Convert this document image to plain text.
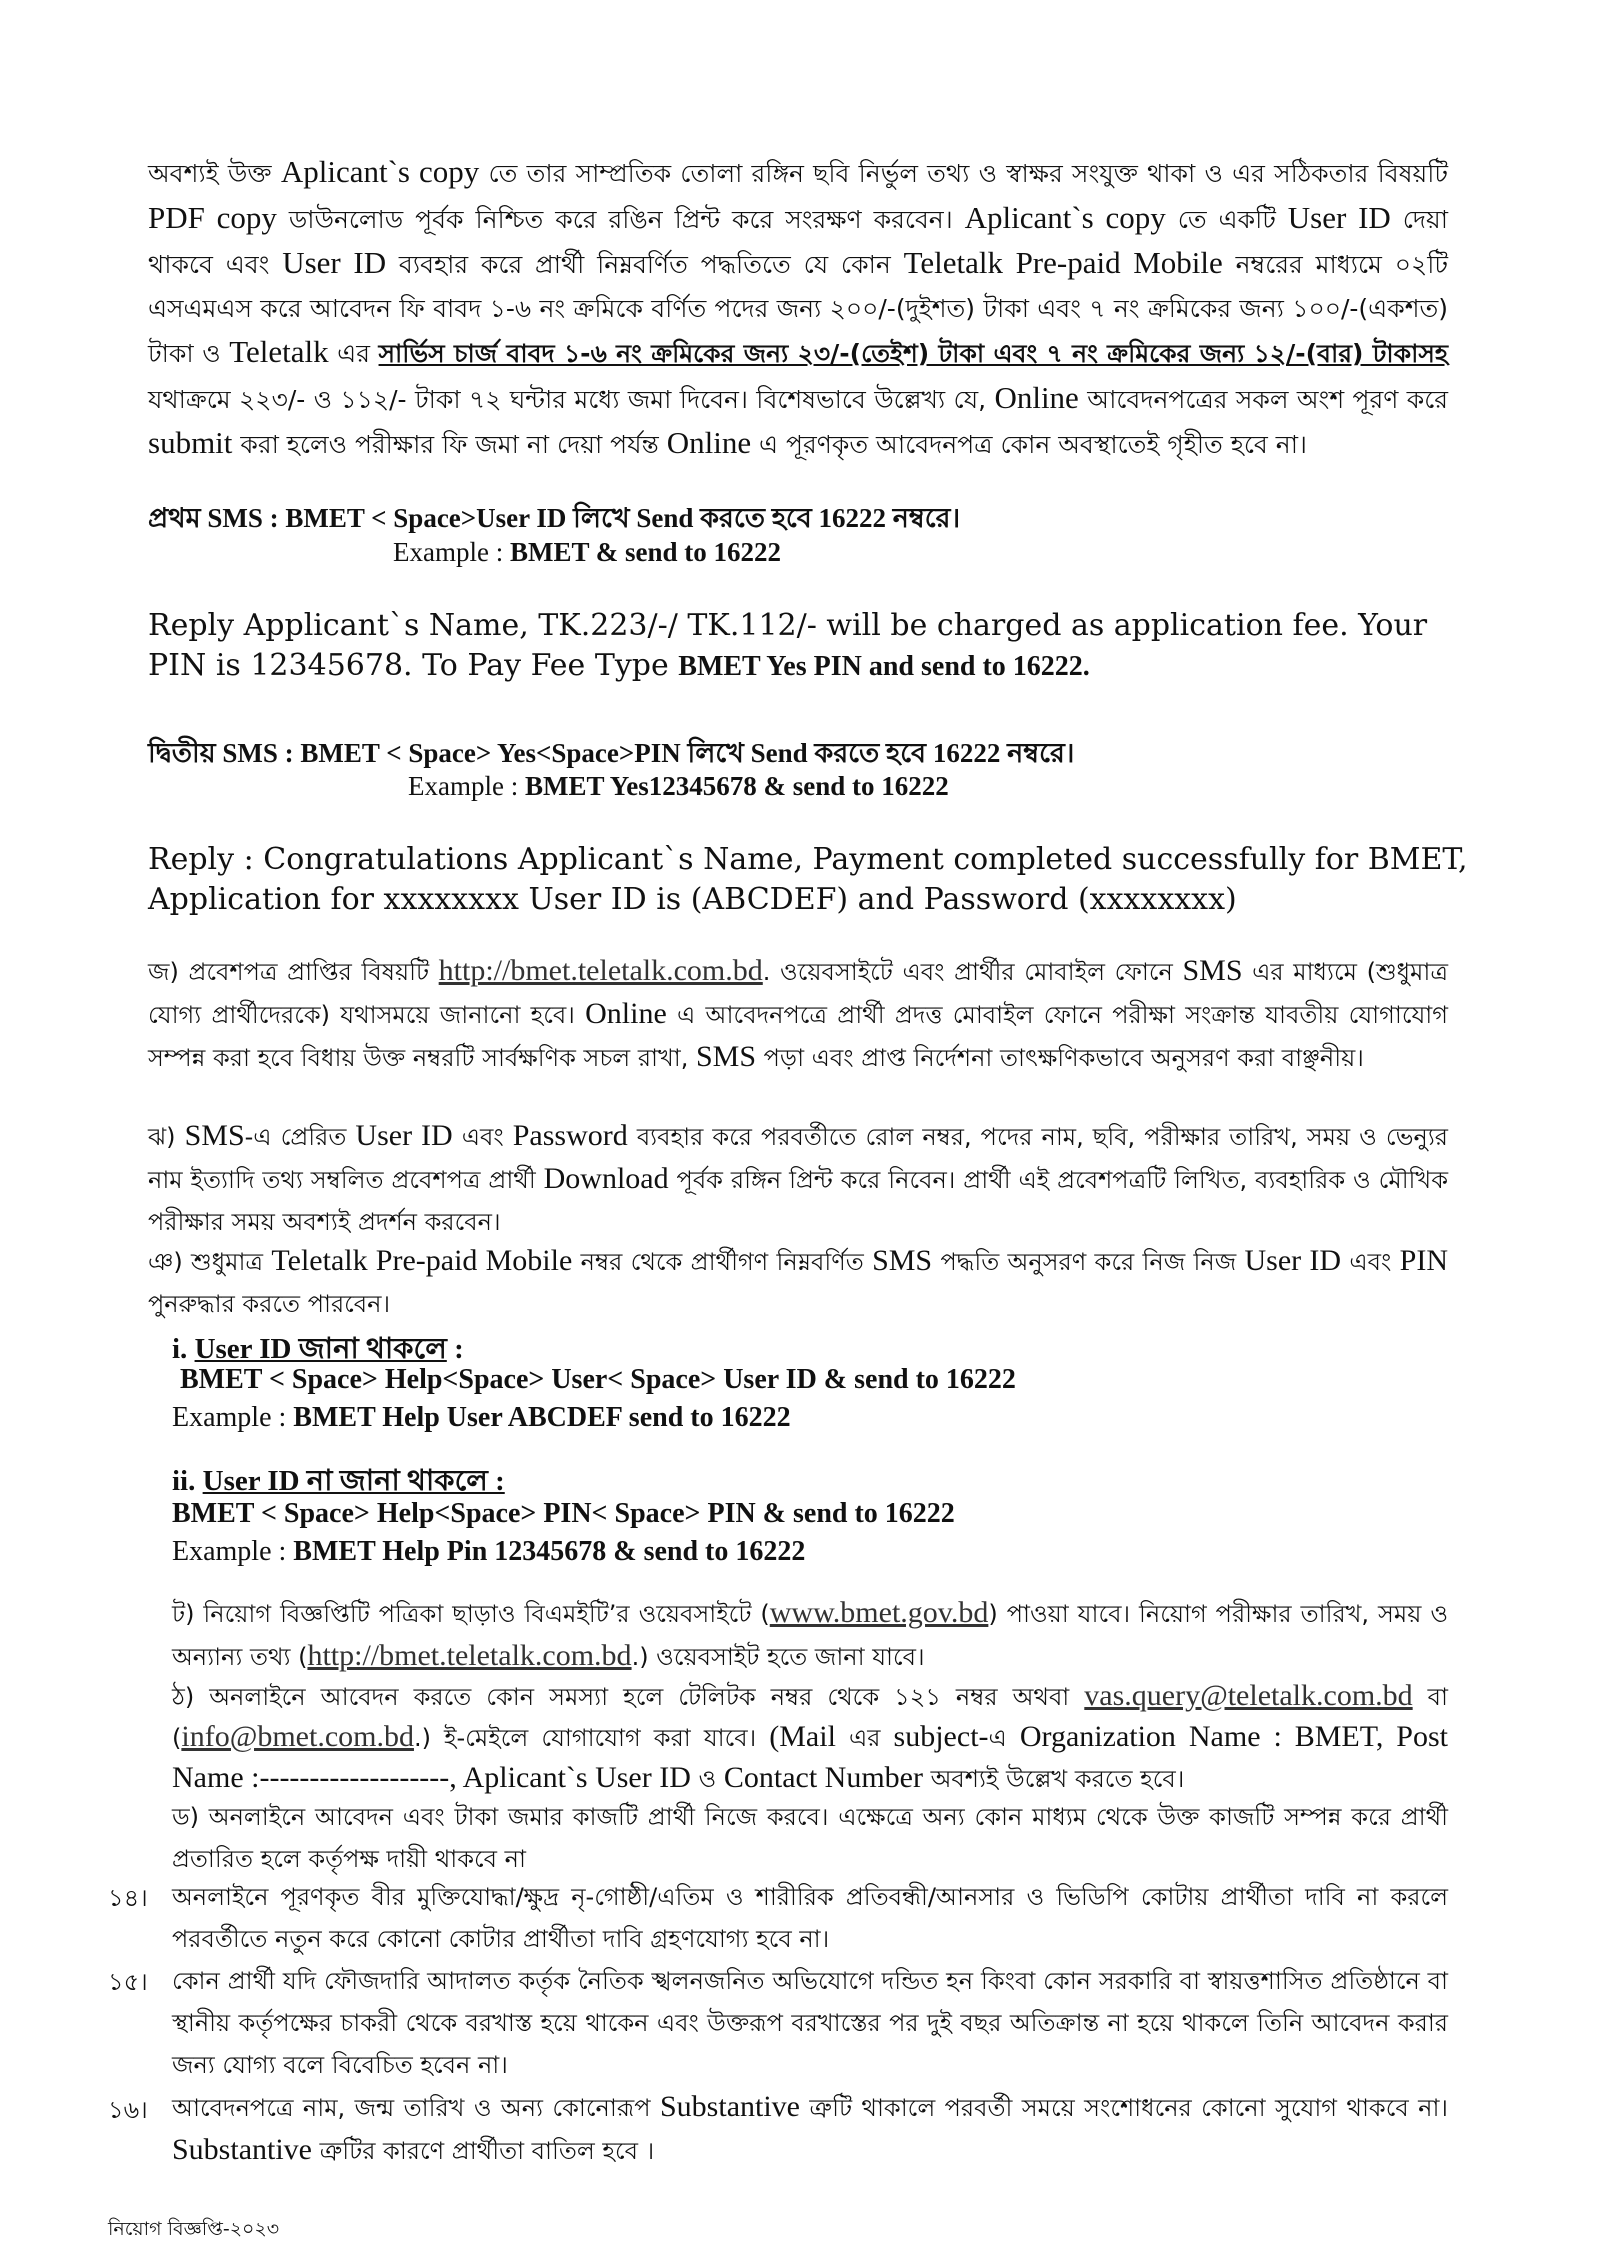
অবশ্যই উক্ত Aplicant`s copy তে তার সাম্প্রতিক তোলা রঙ্গিন ছবি নির্ভুল তথ্য ও স্বাক্ষর সংযুক্ত থাকা ও এর সঠিকতার বিষয়টি PDF copy ডাউনলোড পূর্বক নিশ্চিত করে রঙিন প্রিন্ট করে সংরক্ষণ করবেন। Aplicant`s copy তে একটি User ID দেয়া থাকবে এবং User ID ব্যবহার করে প্রার্থী নিম্নবর্ণিত পদ্ধতিতে যে কোন Teletalk Pre-paid Mobile নম্বরের মাধ্যমে ০২টি এসএমএস করে আবেদন ফি বাবদ ১-৬ নং ক্রমিকে বর্ণিত পদের জন্য ২০০/-(দুইশত) টাকা এবং ৭ নং ক্রমিকের জন্য ১০০/-(একশত) টাকা ও Teletalk এর সার্ভিস চার্জ বাবদ ১-৬ নং ক্রমিকের জন্য ২৩/-(তেইশ) টাকা এবং ৭ নং ক্রমিকের জন্য ১২/-(বার) টাকাসহ যথাক্রমে ২২৩/- ও ১১২/- টাকা ৭২ ঘন্টার মধ্যে জমা দিবেন। বিশেষভাবে উল্লেখ্য যে, Online আবেদনপত্রের সকল অংশ পূরণ করে submit করা হলেও পরীক্ষার ফি জমা না দেয়া পর্যন্ত Online এ পূরণকৃত আবেদনপত্র কোন অবস্থাতেই গৃহীত হবে না।
প্রথম SMS : BMET < Space>User ID লিখে Send করতে হবে 16222 নম্বরে।
Example : BMET & send to 16222
Reply Applicant`s Name, TK.223/-/ TK.112/- will be charged as application fee. Your PIN is 12345678. To Pay Fee Type BMET Yes PIN and send to 16222.
দ্বিতীয় SMS : BMET < Space> Yes<Space>PIN লিখে Send করতে হবে 16222 নম্বরে।
Example : BMET Yes12345678 & send to 16222
Reply : Congratulations Applicant`s Name, Payment completed successfully for BMET, Application for xxxxxxxx User ID is (ABCDEF) and Password (xxxxxxxx)
জ) প্রবেশপত্র প্রাপ্তির বিষয়টি http://bmet.teletalk.com.bd. ওয়েবসাইটে এবং প্রার্থীর মোবাইল ফোনে SMS এর মাধ্যমে (শুধুমাত্র যোগ্য প্রার্থীদেরকে) যথাসময়ে জানানো হবে। Online এ আবেদনপত্রে প্রার্থী প্রদত্ত মোবাইল ফোনে পরীক্ষা সংক্রান্ত যাবতীয় যোগাযোগ সম্পন্ন করা হবে বিধায় উক্ত নম্বরটি সার্বক্ষণিক সচল রাখা, SMS পড়া এবং প্রাপ্ত নির্দেশনা তাৎক্ষণিকভাবে অনুসরণ করা বাঞ্ছনীয়।
ঝ) SMS-এ প্রেরিত User ID এবং Password ব্যবহার করে পরবর্তীতে রোল নম্বর, পদের নাম, ছবি, পরীক্ষার তারিখ, সময় ও ভেন্যুর নাম ইত্যাদি তথ্য সম্বলিত প্রবেশপত্র প্রার্থী Download পূর্বক রঙ্গিন প্রিন্ট করে নিবেন। প্রার্থী এই প্রবেশপত্রটি লিখিত, ব্যবহারিক ও মৌখিক পরীক্ষার সময় অবশ্যই প্রদর্শন করবেন।
ঞ) শুধুমাত্র Teletalk Pre-paid Mobile নম্বর থেকে প্রার্থীগণ নিম্নবর্ণিত SMS পদ্ধতি অনুসরণ করে নিজ নিজ User ID এবং PIN পুনরুদ্ধার করতে পারবেন।
i. User ID জানা থাকলে :
BMET < Space> Help<Space> User< Space> User ID & send to 16222
Example : BMET Help User ABCDEF send to 16222
ii. User ID না জানা থাকলে :
BMET < Space> Help<Space> PIN< Space> PIN & send to 16222
Example : BMET Help Pin 12345678 & send to 16222
ট) নিয়োগ বিজ্ঞপ্তিটি পত্রিকা ছাড়াও বিএমইটি’র ওয়েবসাইটে (www.bmet.gov.bd) পাওয়া যাবে। নিয়োগ পরীক্ষার তারিখ, সময় ও অন্যান্য তথ্য (http://bmet.teletalk.com.bd.) ওয়েবসাইট হতে জানা যাবে।
ঠ) অনলাইনে আবেদন করতে কোন সমস্যা হলে টেলিটক নম্বর থেকে ১২১ নম্বর অথবা vas.query@teletalk.com.bd বা (info@bmet.com.bd.) ই-মেইলে যোগাযোগ করা যাবে। (Mail এর subject-এ Organization Name : BMET, Post Name :-------------------, Aplicant`s User ID ও Contact Number অবশ্যই উল্লেখ করতে হবে।
ড) অনলাইনে আবেদন এবং টাকা জমার কাজটি প্রার্থী নিজে করবে। এক্ষেত্রে অন্য কোন মাধ্যম থেকে উক্ত কাজটি সম্পন্ন করে প্রার্থী প্রতারিত হলে কর্তৃপক্ষ দায়ী থাকবে না
১৪। অনলাইনে পূরণকৃত বীর মুক্তিযোদ্ধা/ক্ষুদ্র নৃ-গোষ্ঠী/এতিম ও শারীরিক প্রতিবন্ধী/আনসার ও ভিডিপি কোটায় প্রার্থীতা দাবি না করলে পরবর্তীতে নতুন করে কোনো কোটার প্রার্থীতা দাবি গ্রহণযোগ্য হবে না।
১৫। কোন প্রার্থী যদি ফৌজদারি আদালত কর্তৃক নৈতিক স্খলনজনিত অভিযোগে দন্ডিত হন কিংবা কোন সরকারি বা স্বায়ত্তশাসিত প্রতিষ্ঠানে বা স্থানীয় কর্তৃপক্ষের চাকরী থেকে বরখাস্ত হয়ে থাকেন এবং উক্তরূপ বরখাস্তের পর দুই বছর অতিক্রান্ত না হয়ে থাকলে তিনি আবেদন করার জন্য যোগ্য বলে বিবেচিত হবেন না।
১৬। আবেদনপত্রে নাম, জন্ম তারিখ ও অন্য কোনোরূপ Substantive ত্রুটি থাকালে পরবর্তী সময়ে সংশোধনের কোনো সুযোগ থাকবে না। Substantive ত্রুটির কারণে প্রার্থীতা বাতিল হবে ।
নিয়োগ বিজ্ঞপ্তি-২০২৩
